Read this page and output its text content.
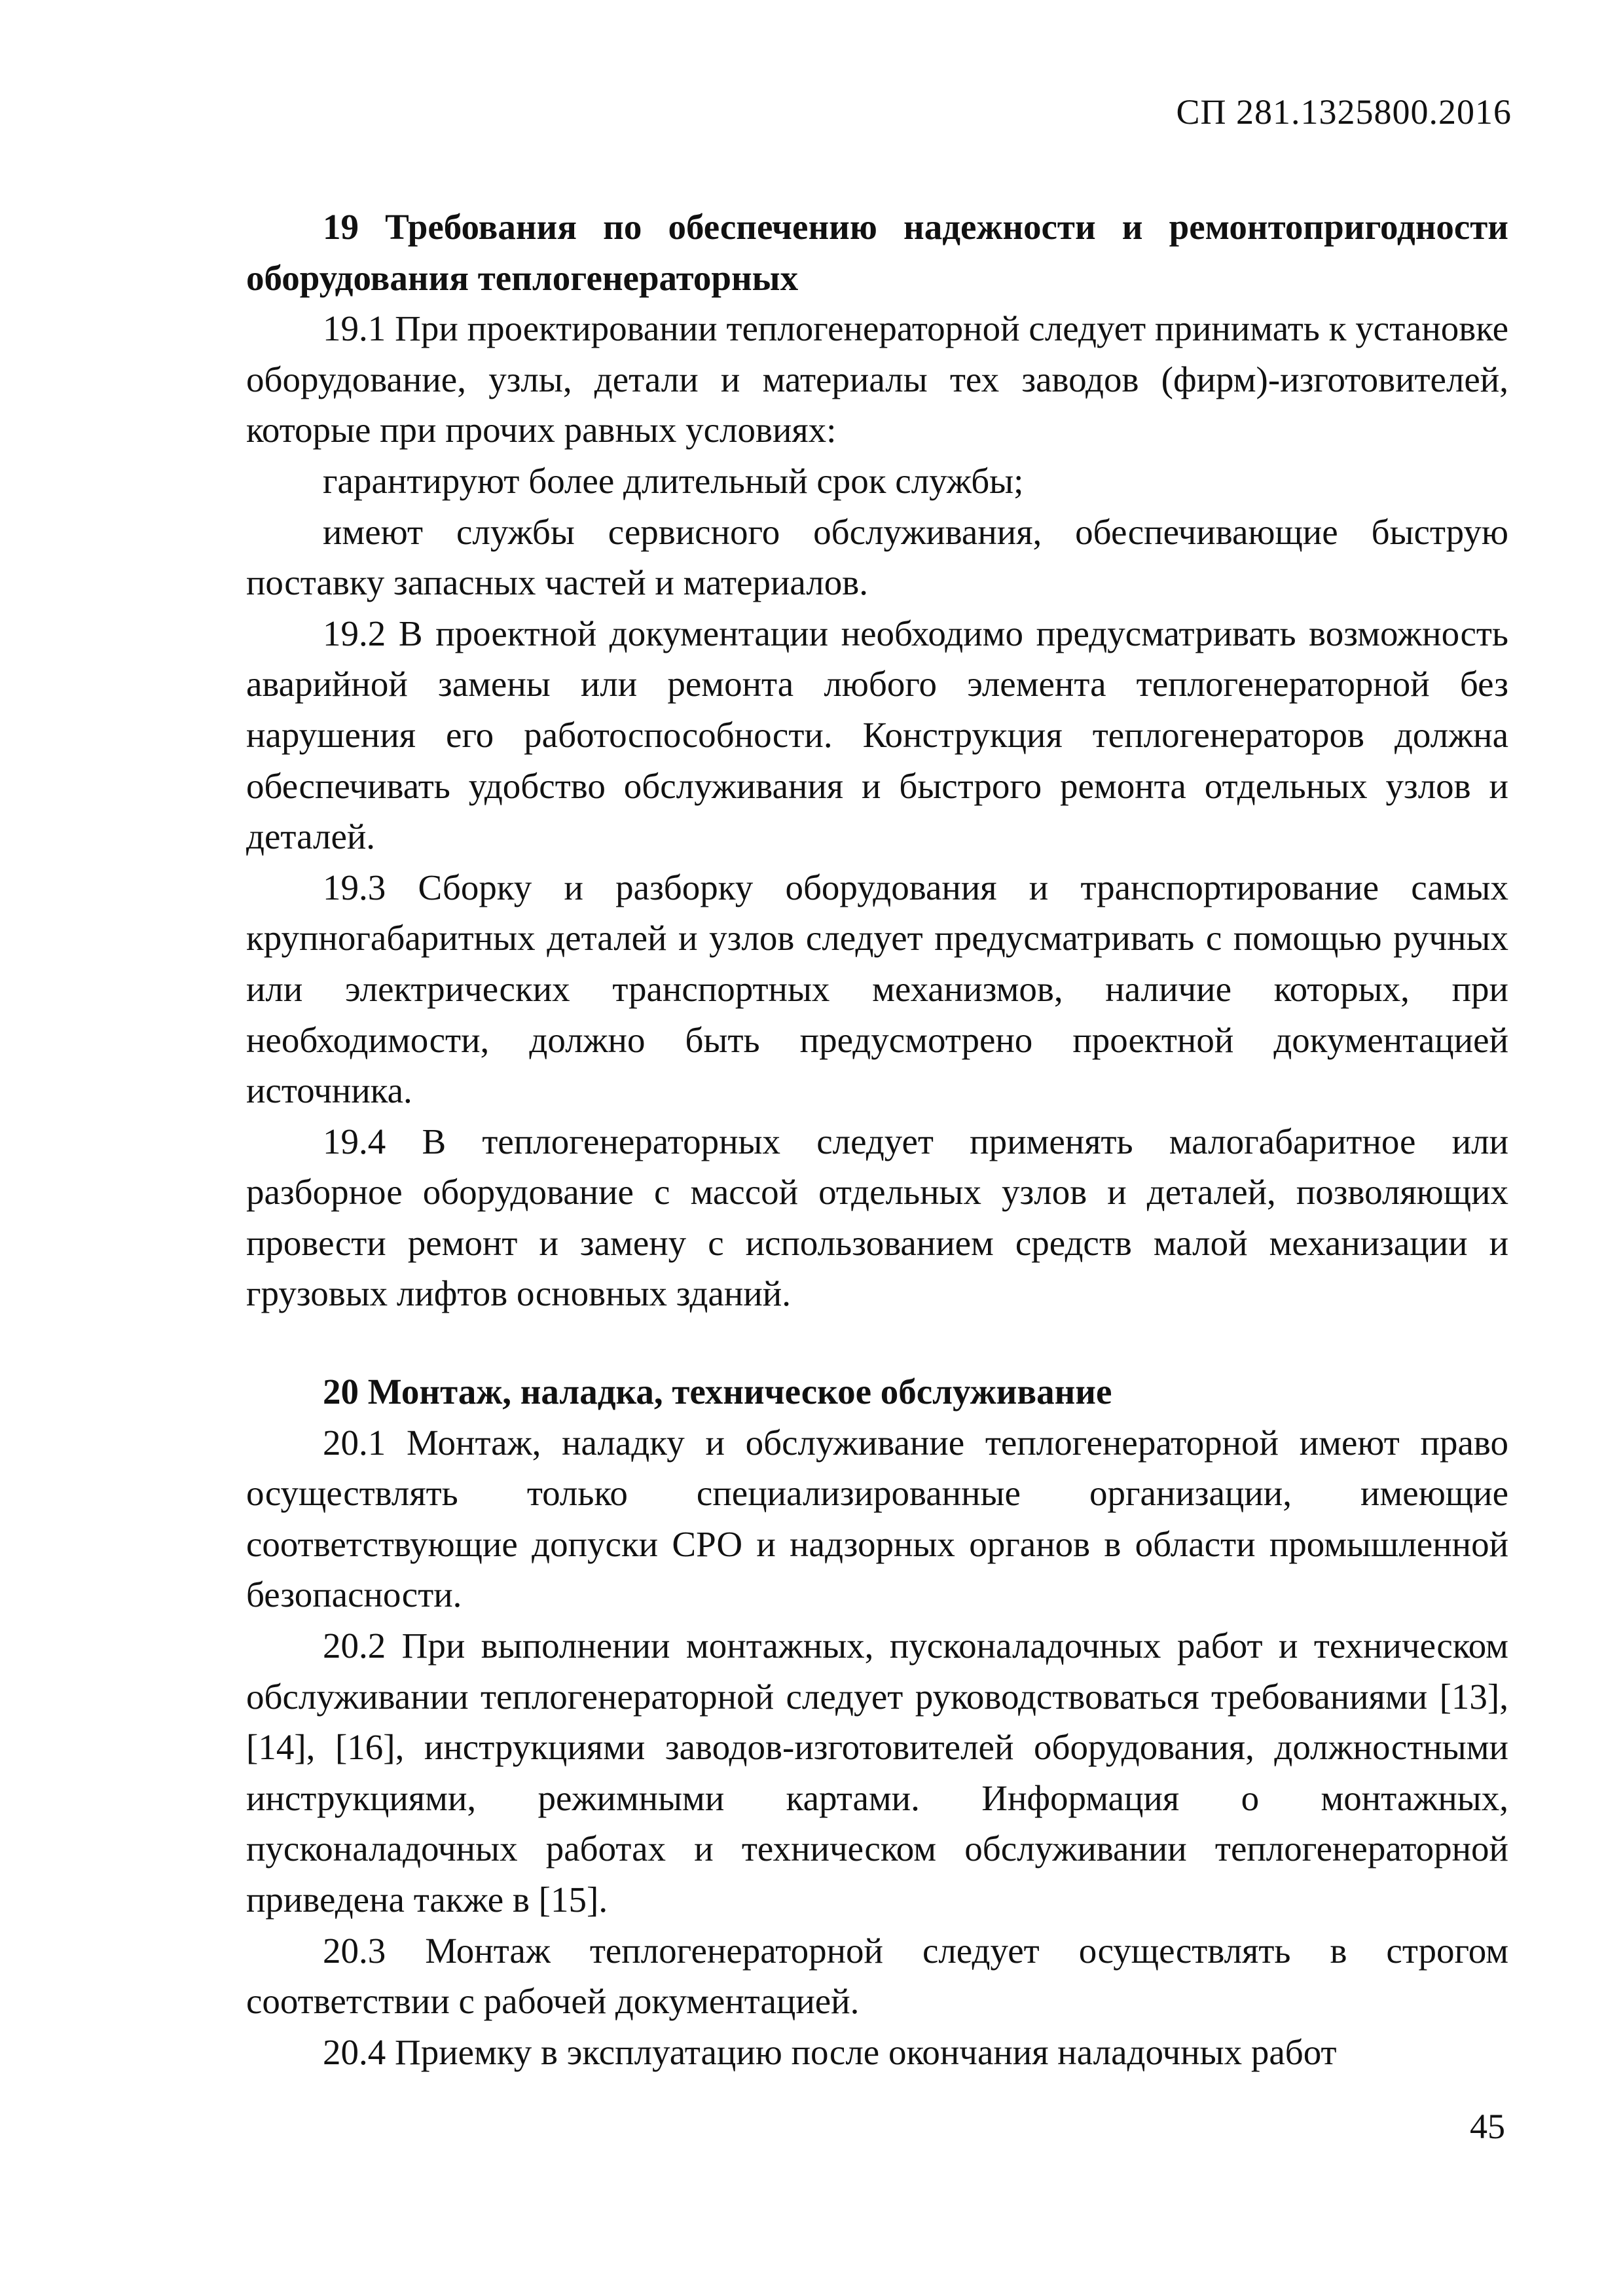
СП 281.1325800.2016

19 Требования по обеспечению надежности и ремонтопригодности оборудования теплогенераторных

19.1 При проектировании теплогенераторной следует принимать к установке оборудование, узлы, детали и материалы тех заводов (фирм)-изготовителей, которые при прочих равных условиях:

гарантируют более длительный срок службы;

имеют службы сервисного обслуживания, обеспечивающие быструю поставку запасных частей и материалов.

19.2 В проектной документации необходимо предусматривать возможность аварийной замены или ремонта любого элемента теплогенераторной без нарушения его работоспособности. Конструкция теплогенераторов должна обеспечивать удобство обслуживания и быстрого ремонта отдельных узлов и деталей.

19.3 Сборку и разборку оборудования и транспортирование самых крупногабаритных деталей и узлов следует предусматривать с помощью ручных или электрических транспортных механизмов, наличие которых, при необходимости, должно быть предусмотрено проектной документацией источника.

19.4 В теплогенераторных следует применять малогабаритное или разборное оборудование с массой отдельных узлов и деталей, позволяющих провести ремонт и замену с использованием средств малой механизации и грузовых лифтов основных зданий.

20 Монтаж, наладка, техническое обслуживание

20.1 Монтаж, наладку и обслуживание теплогенераторной имеют право осуществлять только специализированные организации, имеющие соответствующие допуски СРО и надзорных органов в области промышленной безопасности.

20.2 При выполнении монтажных, пусконаладочных работ и техническом обслуживании теплогенераторной следует руководствоваться требованиями [13], [14], [16], инструкциями заводов-изготовителей оборудования, должностными инструкциями, режимными картами. Информация о монтажных, пусконаладочных работах и техническом обслуживании теплогенераторной приведена также в [15].

20.3 Монтаж теплогенераторной следует осуществлять в строгом соответствии с рабочей документацией.

20.4 Приемку в эксплуатацию после окончания наладочных работ

45
